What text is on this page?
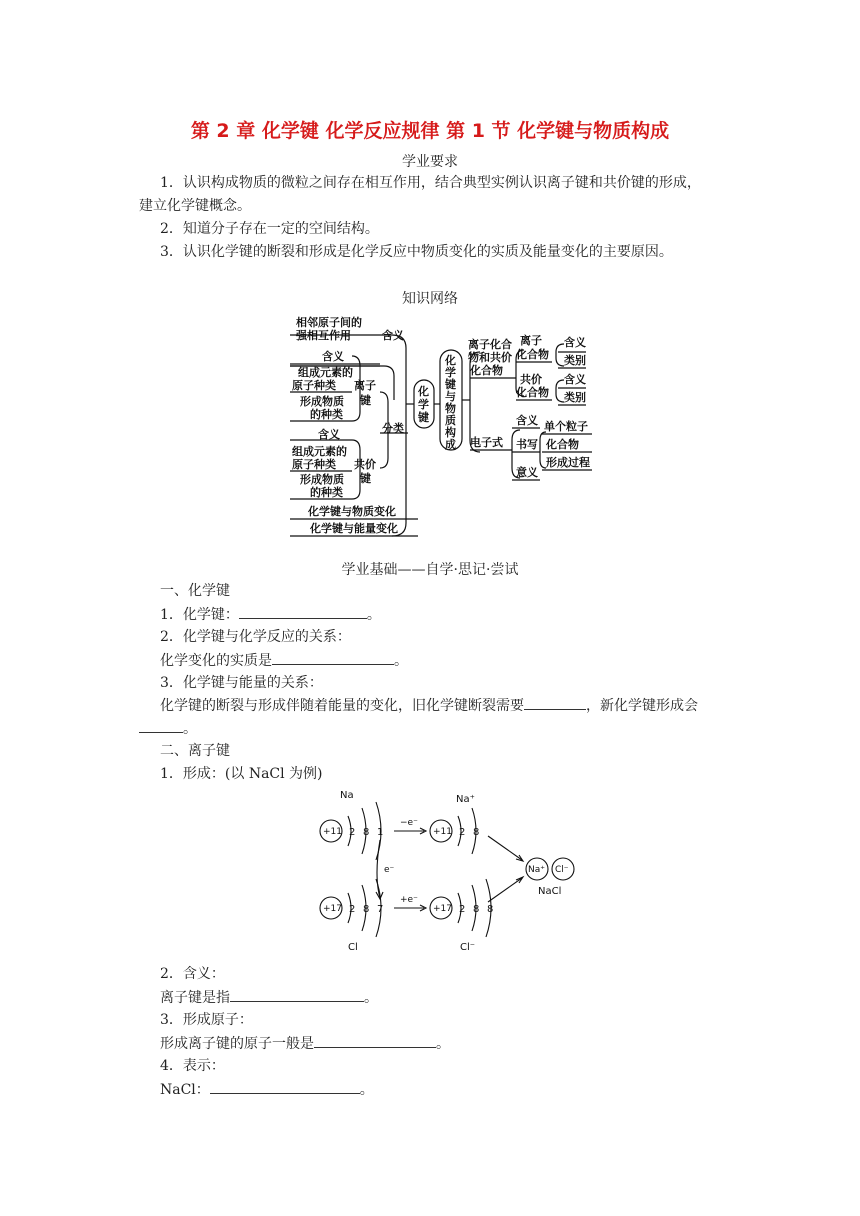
第 2 章 化学键 化学反应规律 第 1 节 化学键与物质构成
学业要求
1．认识构成物质的微粒之间存在相互作用，结合典型实例认识离子键和共价键的形成，
建立化学键概念。
2．知道分子存在一定的空间结构。
3．认识化学键的断裂和形成是化学反应中物质变化的实质及能量变化的主要原因。
知识网络
相邻原子间的
强相互作用	含义
含义
组成元素的
原子种类
形成物质
的种类
离子
键
含义
组成元素的
原子种类
形成物质
的种类
共价
键
分类
化学键与物质变化
化学键与能量变化
化
学
键
化
学
键
与
物
质
构
成
离子化合
物和共价
化合物
离子
化合物
共价
化合物
含义
类别
含义
类别
电子式
含义
书写
意义
单个粒子
化合物
形成过程
学业基础——自学·思记·尝试
一、化学键
1．化学键：	。
2．化学键与化学反应的关系：
化学变化的实质是	。
3．化学键与能量的关系：
化学键的断裂与形成伴随着能量的变化，旧化学键断裂需要	，新化学键形成会
。
二、离子键
1．形成：(以 NaCl 为例)
Na
+11 2 8 1
−e⁻
Na⁺
+11 2 8
e⁻
+17 2 8 7
Cl
+e⁻
+17 2 8 8
Cl⁻
Na⁺ Cl⁻
NaCl
2．含义：
离子键是指	。
3．形成原子：
形成离子键的原子一般是	。
4．表示：
NaCl：	。
